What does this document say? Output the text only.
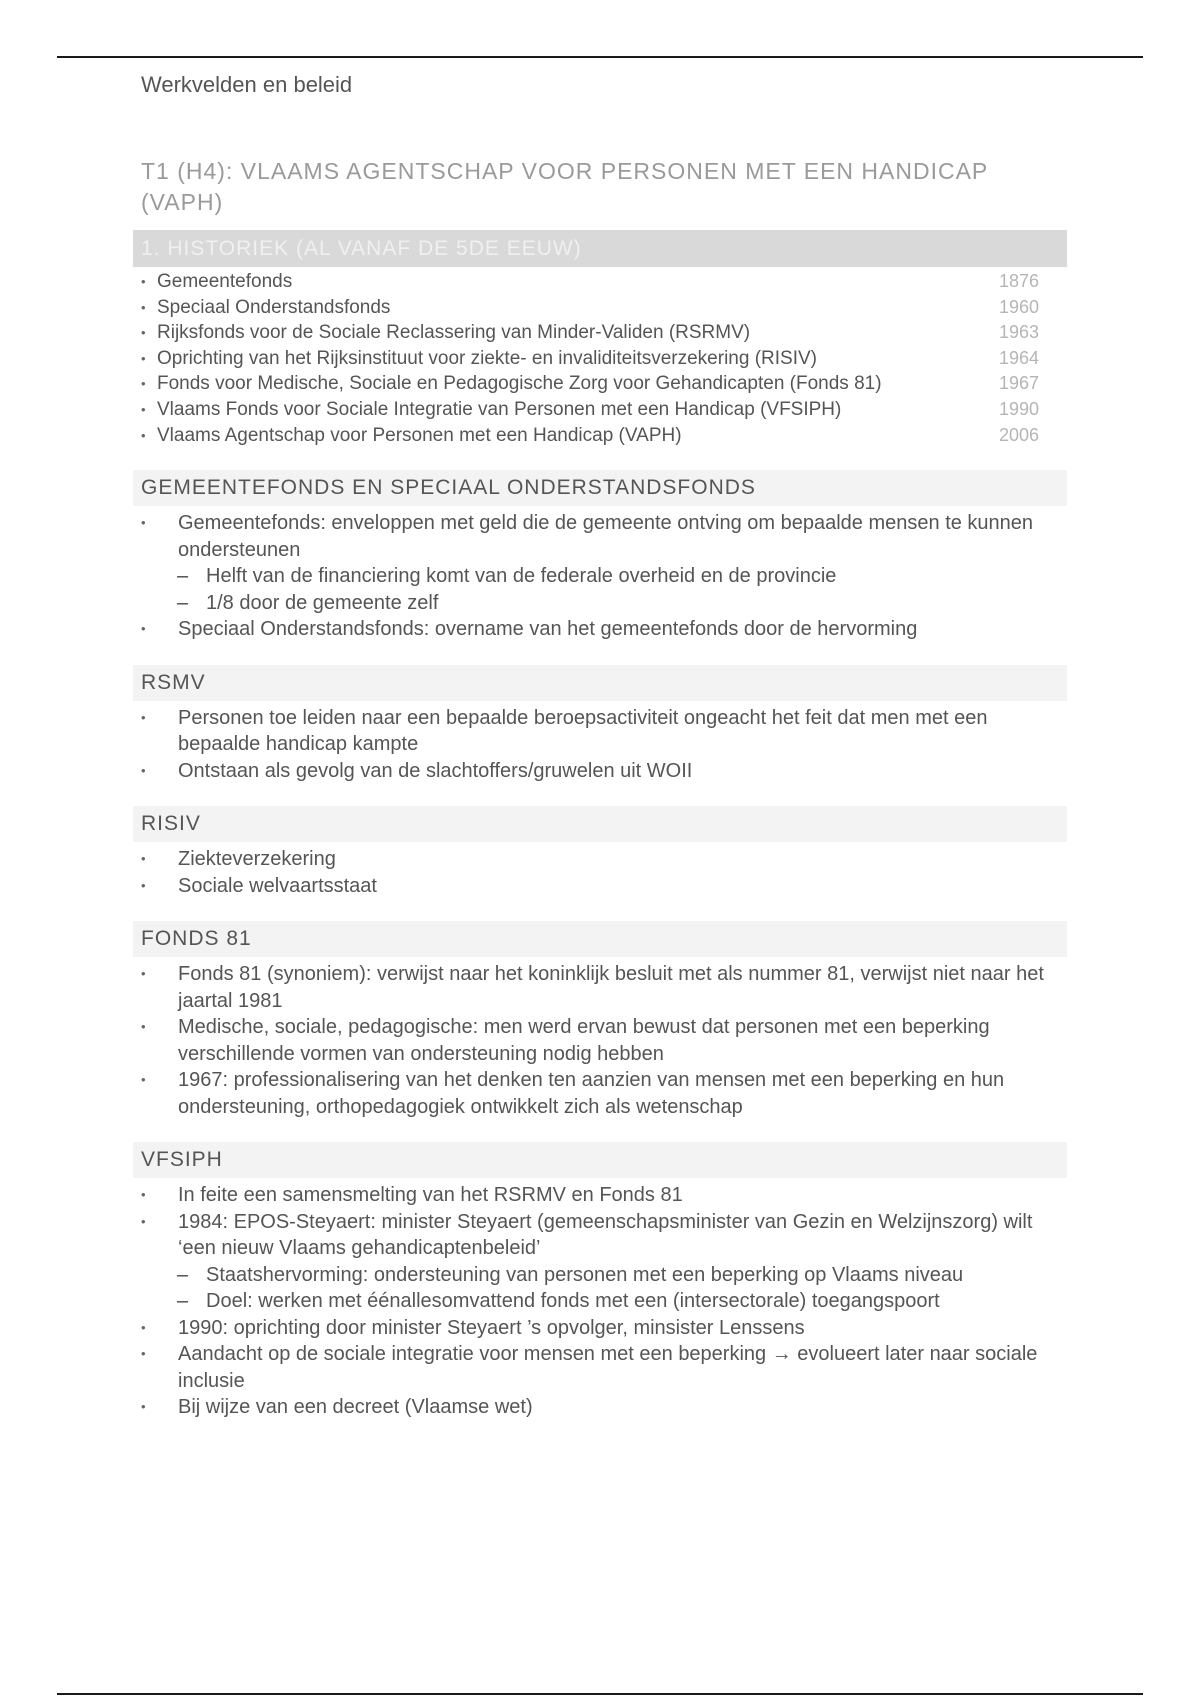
Werkvelden en beleid
T1 (H4): VLAAMS AGENTSCHAP VOOR PERSONEN MET EEN HANDICAP (VAPH)
1. HISTORIEK (AL VANAF DE 5DE EEUW)
• Gemeentefonds	1876
• Speciaal Onderstandsfonds	1960
• Rijksfonds voor de Sociale Reclassering van Minder-Validen (RSRMV)	1963
• Oprichting van het Rijksinstituut voor ziekte- en invaliditeitsverzekering (RISIV)	1964
• Fonds voor Medische, Sociale en Pedagogische Zorg voor Gehandicapten (Fonds 81)	1967
• Vlaams Fonds voor Sociale Integratie van Personen met een Handicap (VFSIPH)	1990
• Vlaams Agentschap voor Personen met een Handicap (VAPH)	2006
GEMEENTEFONDS EN SPECIAAL ONDERSTANDSFONDS
• Gemeentefonds: enveloppen met geld die de gemeente ontving om bepaalde mensen te kunnen ondersteunen
– Helft van de financiering komt van de federale overheid en de provincie
– 1/8 door de gemeente zelf
• Speciaal Onderstandsfonds: overname van het gemeentefonds door de hervorming
RSMV
• Personen toe leiden naar een bepaalde beroepsactiviteit ongeacht het feit dat men met een bepaalde handicap kampte
• Ontstaan als gevolg van de slachtoffers/gruwelen uit WOII
RISIV
• Ziekteverzekering
• Sociale welvaartsstaat
FONDS 81
• Fonds 81 (synoniem): verwijst naar het koninklijk besluit met als nummer 81, verwijst niet naar het jaartal 1981
• Medische, sociale, pedagogische: men werd ervan bewust dat personen met een beperking verschillende vormen van ondersteuning nodig hebben
• 1967: professionalisering van het denken ten aanzien van mensen met een beperking en hun ondersteuning, orthopedagogiek ontwikkelt zich als wetenschap
VFSIPH
• In feite een samensmelting van het RSRMV en Fonds 81
• 1984: EPOS-Steyaert: minister Steyaert (gemeenschapsminister van Gezin en Welzijnszorg) wilt ‘een nieuw Vlaams gehandicaptenbeleid’
– Staatshervorming: ondersteuning van personen met een beperking op Vlaams niveau
– Doel: werken met éénallesomvattend fonds met een (intersectorale) toegangspoort
• 1990: oprichting door minister Steyaert ’s opvolger, minsister Lenssens
• Aandacht op de sociale integratie voor mensen met een beperking → evolueert later naar sociale inclusie
• Bij wijze van een decreet (Vlaamse wet)
